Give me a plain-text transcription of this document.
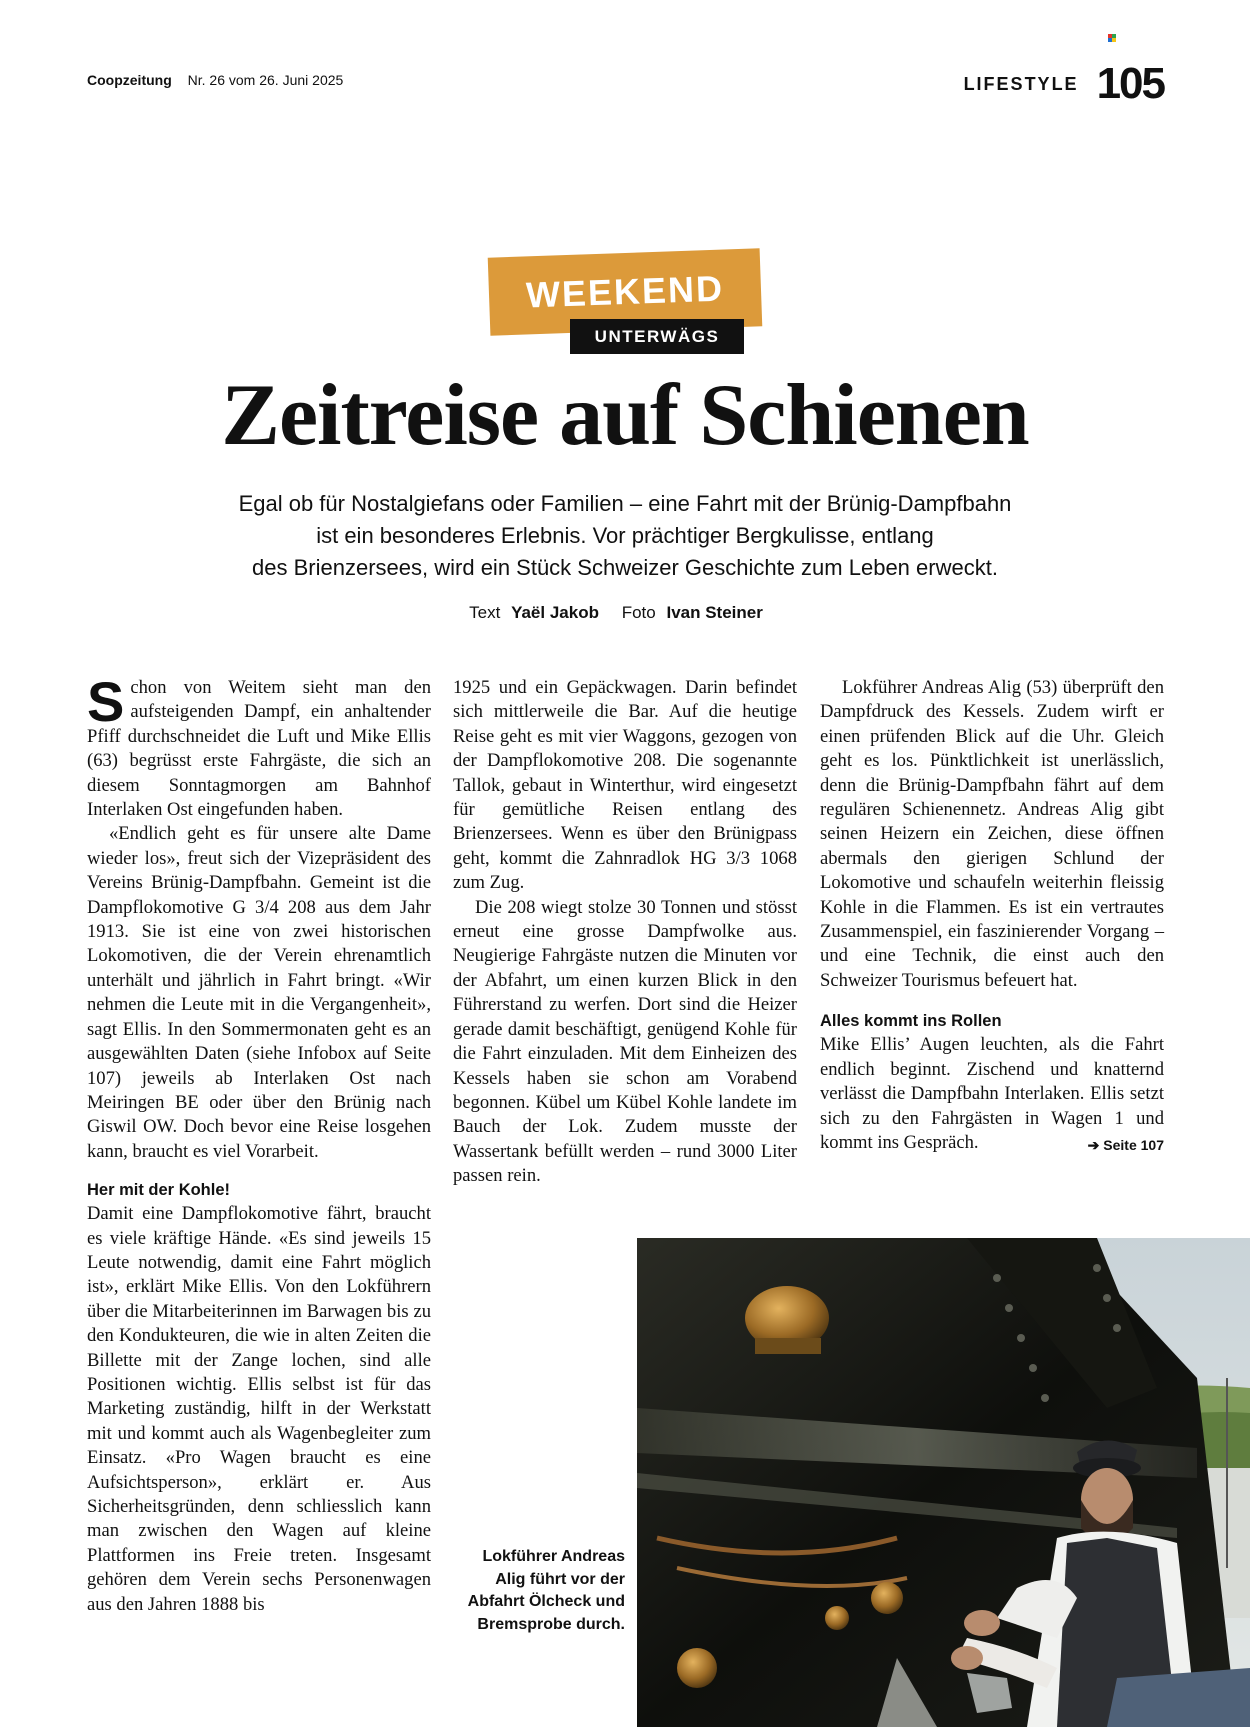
Coopzeitung Nr. 26 vom 26. Juni 2025	LIFESTYLE 105
WEEKEND
UNTERWÄGS
Zeitreise auf Schienen
Egal ob für Nostalgiefans oder Familien – eine Fahrt mit der Brünig-Dampfbahn
ist ein besonderes Erlebnis. Vor prächtiger Bergkulisse, entlang
des Brienzersees, wird ein Stück Schweizer Geschichte zum Leben erweckt.
Text Yaël Jakob Foto Ivan Steiner

Schon von Weitem sieht man den aufsteigenden Dampf, ein anhaltender Pfiff durchschneidet die Luft und Mike Ellis (63) begrüsst erste Fahrgäste, die sich an diesem Sonntagmorgen am Bahnhof Interlaken Ost eingefunden haben.

«Endlich geht es für unsere alte Dame wieder los», freut sich der Vizepräsident des Vereins Brünig-Dampfbahn. Gemeint ist die Dampflokomotive G 3/4 208 aus dem Jahr 1913. Sie ist eine von zwei historischen Lokomotiven, die der Verein ehrenamtlich unterhält und jährlich in Fahrt bringt. «Wir nehmen die Leute mit in die Vergangenheit», sagt Ellis. In den Sommermonaten geht es an ausgewählten Daten (siehe Infobox auf Seite 107) jeweils ab Interlaken Ost nach Meiringen BE oder über den Brünig nach Giswil OW. Doch bevor eine Reise losgehen kann, braucht es viel Vorarbeit.

Her mit der Kohle!

Damit eine Dampflokomotive fährt, braucht es viele kräftige Hände. «Es sind jeweils 15 Leute notwendig, damit eine Fahrt möglich ist», erklärt Mike Ellis. Von den Lokführern über die Mitarbeiterinnen im Barwagen bis zu den Kondukteuren, die wie in alten Zeiten die Billette mit der Zange lochen, sind alle Positionen wichtig. Ellis selbst ist für das Marketing zuständig, hilft in der Werkstatt mit und kommt auch als Wagenbegleiter zum Einsatz. «Pro Wagen braucht es eine Aufsichtsperson», erklärt er. Aus Sicherheitsgründen, denn schliesslich kann man zwischen den Wagen auf kleine Plattformen ins Freie treten. Insgesamt gehören dem Verein sechs Personenwagen aus den Jahren 1888 bis

1925 und ein Gepäckwagen. Darin befindet sich mittlerweile die Bar. Auf die heutige Reise geht es mit vier Waggons, gezogen von der Dampflokomotive 208. Die sogenannte Tallok, gebaut in Winterthur, wird eingesetzt für gemütliche Reisen entlang des Brienzersees. Wenn es über den Brünigpass geht, kommt die Zahnradlok HG 3/3 1068 zum Zug.

Die 208 wiegt stolze 30 Tonnen und stösst erneut eine grosse Dampfwolke aus. Neugierige Fahrgäste nutzen die Minuten vor der Abfahrt, um einen kurzen Blick in den Führerstand zu werfen. Dort sind die Heizer gerade damit beschäftigt, genügend Kohle für die Fahrt einzuladen. Mit dem Einheizen des Kessels haben sie schon am Vorabend begonnen. Kübel um Kübel Kohle landete im Bauch der Lok. Zudem musste der Wassertank befüllt werden – rund 3000 Liter passen rein.

Lokführer Andreas Alig (53) überprüft den Dampfdruck des Kessels. Zudem wirft er einen prüfenden Blick auf die Uhr. Gleich geht es los. Pünktlichkeit ist unerlässlich, denn die Brünig-Dampfbahn fährt auf dem regulären Schienennetz. Andreas Alig gibt seinen Heizern ein Zeichen, diese öffnen abermals den gierigen Schlund der Lokomotive und schaufeln weiterhin fleissig Kohle in die Flammen. Es ist ein vertrautes Zusammenspiel, ein faszinierender Vorgang – und eine Technik, die einst auch den Schweizer Tourismus befeuert hat.

Alles kommt ins Rollen

Mike Ellis’ Augen leuchten, als die Fahrt endlich beginnt. Zischend und knatternd verlässt die Dampfbahn Interlaken. Ellis setzt sich zu den Fahrgästen in Wagen 1 und kommt ins Gespräch.	➔ Seite 107

Lokführer Andreas Alig führt vor der Abfahrt Ölcheck und Bremsprobe durch.
